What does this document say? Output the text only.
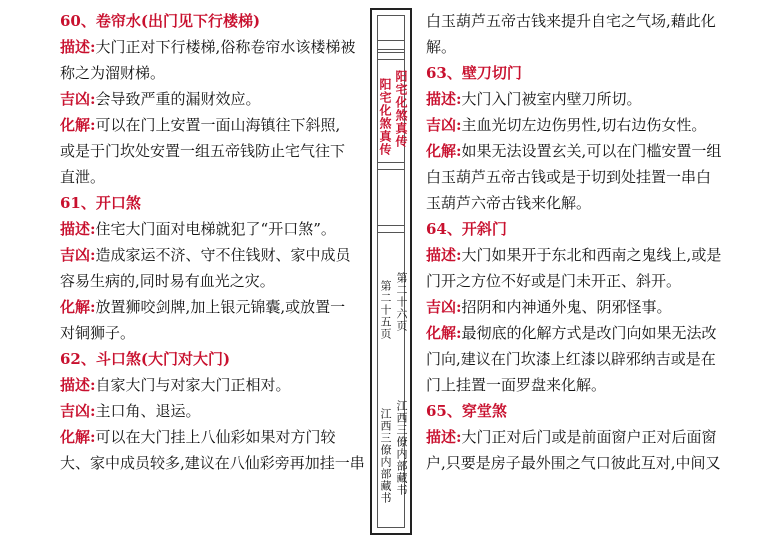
60、卷帘水(出门见下行楼梯)
描述:大门正对下行楼梯,俗称卷帘水该楼梯被
称之为溜财梯。
吉凶:会导致严重的漏财效应。
化解:可以在门上安置一面山海镇往下斜照,
或是于门坎处安置一组五帝钱防止宅气往下
直泄。
61、开口煞
描述:住宅大门面对电梯就犯了“开口煞”。
吉凶:造成家运不济、守不住钱财、家中成员
容易生病的,同时易有血光之灾。
化解:放置狮咬剑牌,加上银元锦囊,或放置一
对铜狮子。
62、斗口煞(大门对大门)
描述:自家大门与对家大门正相对。
吉凶:主口角、退运。
化解:可以在大门挂上八仙彩如果对方门较
大、家中成员较多,建议在八仙彩旁再加挂一串
阳宅化煞真传
阳宅化煞真传
第二十六页
第二十五页
江西三僚内部藏书
江西三僚内部藏书
白玉葫芦五帝古钱来提升自宅之气场,藉此化
解。
63、壁刀切门
描述:大门入门被室内壁刀所切。
吉凶:主血光切左边伤男性,切右边伤女性。
化解:如果无法设置玄关,可以在门槛安置一组
白玉葫芦五帝古钱或是于切到处挂置一串白
玉葫芦六帝古钱来化解。
64、开斜门
描述:大门如果开于东北和西南之鬼线上,或是
门开之方位不好或是门未开正、斜开。
吉凶:招阴和内神通外鬼、阴邪怪事。
化解:最彻底的化解方式是改门向如果无法改
门向,建议在门坎漆上红漆以辟邪纳吉或是在
门上挂置一面罗盘来化解。
65、穿堂煞
描述:大门正对后门或是前面窗户正对后面窗
户,只要是房子最外围之气口彼此互对,中间又
